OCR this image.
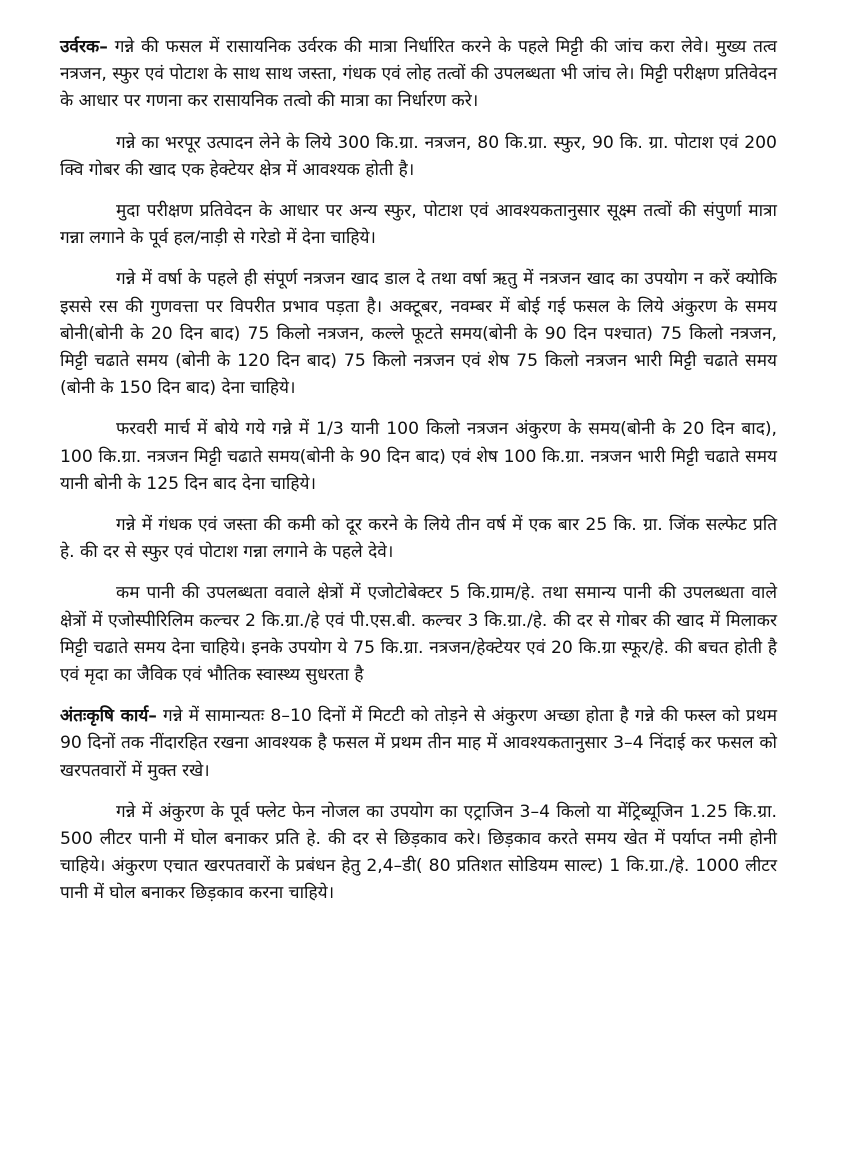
उर्वरक– गन्ने की फसल में रासायनिक उर्वरक की मात्रा निर्धारित करने के पहले मिट्टी की जांच करा लेवे। मुख्य तत्व नत्रजन, स्फुर एवं पोटाश के साथ साथ जस्ता, गंधक एवं लोह तत्वों की उपलब्धता भी जांच ले। मिट्टी परीक्षण प्रतिवेदन के आधार पर गणना कर रासायनिक तत्वो की मात्रा का निर्धारण करे।

गन्ने का भरपूर उत्पादन लेने के लिये 300 कि.ग्रा. नत्रजन, 80 कि.ग्रा. स्फुर, 90 कि. ग्रा. पोटाश एवं 200 क्वि गोबर की खाद एक हेक्टेयर क्षेत्र में आवश्यक होती है।

मुदा परीक्षण प्रतिवेदन के आधार पर अन्य स्फुर, पोटाश एवं आवश्यकतानुसार सूक्ष्म तत्वों की संपुर्णा मात्रा गन्ना लगाने के पूर्व हल/नाड़ी से गरेडो में देना चाहिये।

गन्ने में वर्षा के पहले ही संपूर्ण नत्रजन खाद डाल दे तथा वर्षा ऋतु में नत्रजन खाद का उपयोग न करें क्योकि इससे रस की गुणवत्ता पर विपरीत प्रभाव पड़ता है। अक्टूबर, नवम्बर में बोई गई फसल के लिये अंकुरण के समय बोनी(बोनी के 20 दिन बाद) 75 किलो नत्रजन, कल्ले फूटते समय(बोनी के 90 दिन पश्चात) 75 किलो नत्रजन, मिट्टी चढाते समय (बोनी के 120 दिन बाद) 75 किलो नत्रजन एवं शेष 75 किलो नत्रजन भारी मिट्टी चढाते समय (बोनी के 150 दिन बाद) देना चाहिये।

फरवरी मार्च में बोये गये गन्ने में 1/3 यानी 100 किलो नत्रजन अंकुरण के समय(बोनी के 20 दिन बाद), 100 कि.ग्रा. नत्रजन मिट्टी चढाते समय(बोनी के 90 दिन बाद) एवं शेष 100 कि.ग्रा. नत्रजन भारी मिट्टी चढाते समय यानी बोनी के 125 दिन बाद देना चाहिये।

गन्ने में गंधक एवं जस्ता की कमी को दूर करने के लिये तीन वर्ष में एक बार 25 कि. ग्रा. जिंक सल्फेट प्रति हे. की दर से स्फुर एवं पोटाश गन्ना लगाने के पहले देवे।

कम पानी की उपलब्धता ववाले क्षेत्रों में एजोटोबेक्टर 5 कि.ग्राम/हे. तथा समान्य पानी की उपलब्धता वाले क्षेत्रों में एजोस्पीरिलिम कल्चर 2 कि.ग्रा./हे एवं पी.एस.बी. कल्चर 3 कि.ग्रा./हे. की दर से गोबर की खाद में मिलाकर मिट्टी चढाते समय देना चाहिये। इनके उपयोग ये 75 कि.ग्रा. नत्रजन/हेक्टेयर एवं 20 कि.ग्रा स्फूर/हे. की बचत होती है एवं मृदा का जैविक एवं भौतिक स्वास्थ्य सुधरता है

अंतःकृषि कार्य– गन्ने में सामान्यतः 8–10 दिनों में मिटटी को तोड़ने से अंकुरण अच्छा होता है गन्ने की फस्ल को प्रथम 90 दिनों तक नींदारहित रखना आवश्यक है फसल में प्रथम तीन माह में आवश्यकतानुसार 3–4 निंदाई कर फसल को खरपतवारों में मुक्त रखे।

गन्ने में अंकुरण के पूर्व फ्लेट फेन नोजल का उपयोग का एट्राजिन 3–4 किलो या मेंट्रिब्यूजिन 1.25 कि.ग्रा. 500 लीटर पानी में घोल बनाकर प्रति हे. की दर से छिड़काव करे। छिड़काव करते समय खेत में पर्याप्त नमी होनी चाहिये। अंकुरण एचात खरपतवारों के प्रबंधन हेतु 2,4–डी( 80 प्रतिशत सोडियम साल्ट) 1 कि.ग्रा./हे. 1000 लीटर पानी में घोल बनाकर छिड़काव करना चाहिये।
